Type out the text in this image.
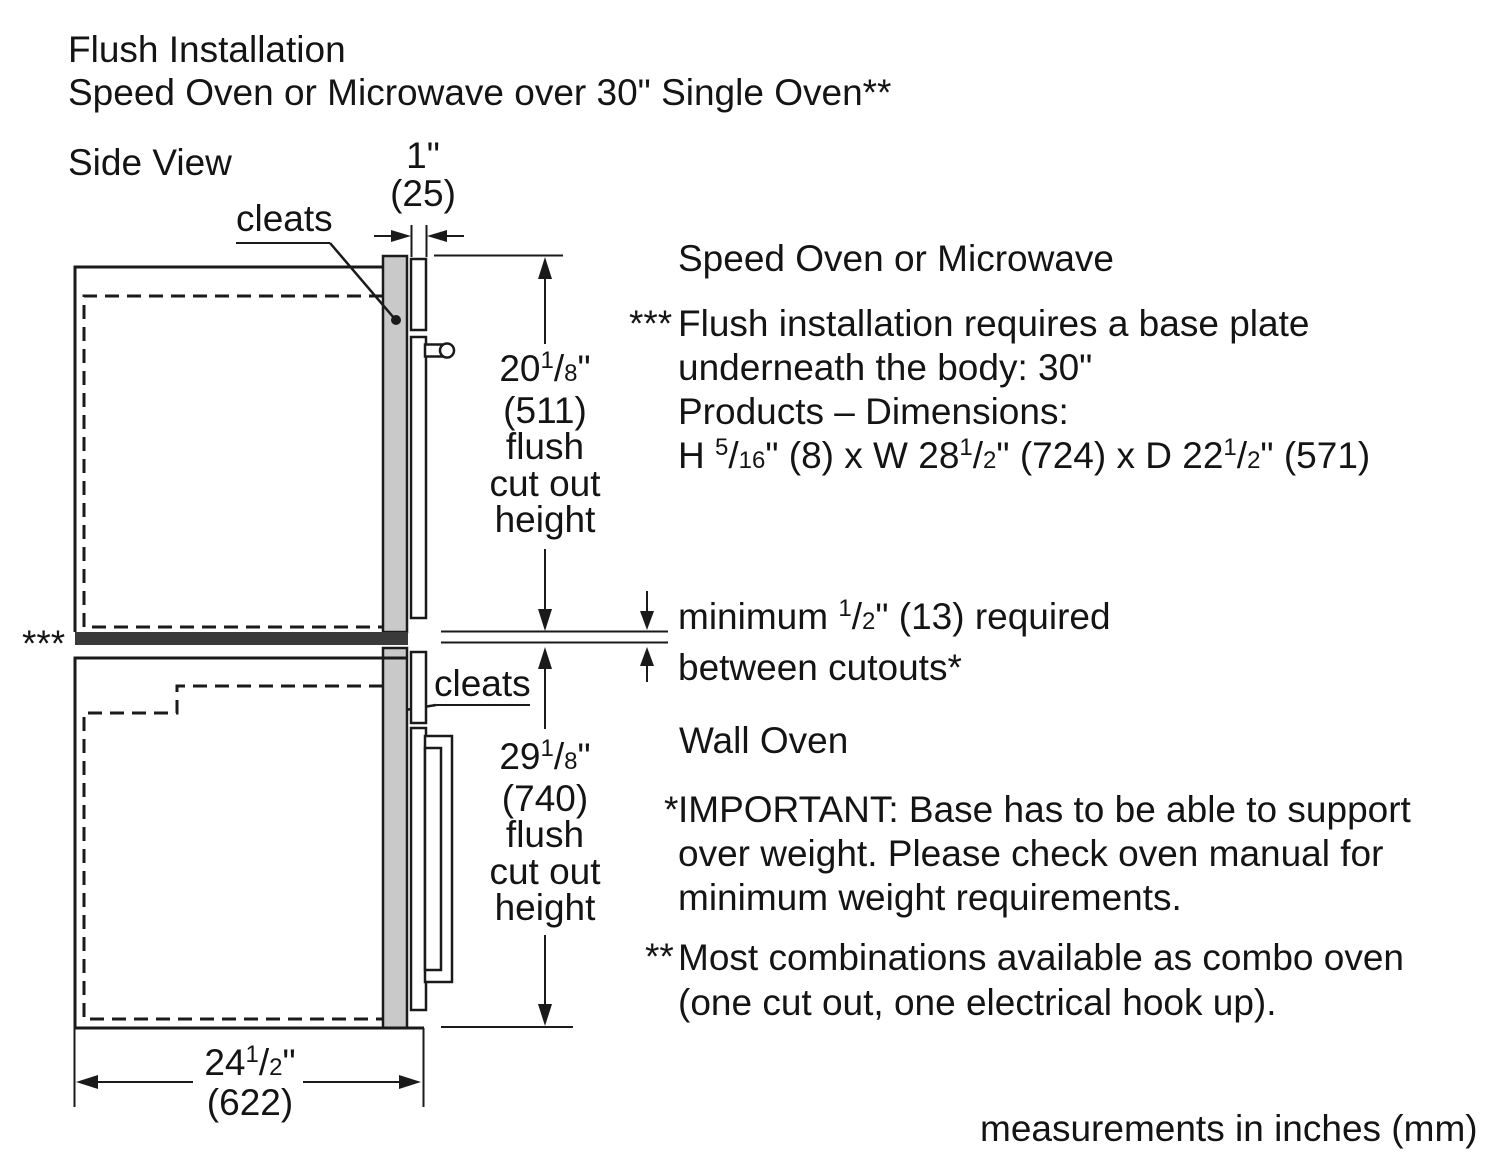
Flush Installation
Speed Oven or Microwave over 30" Single Oven**
Side View	1"
(25)
cleats
cleats
***
$20^1/8$"
(511)
flush
cut out
height
$29^1/8$"
(740)
flush
cut out
height
Speed Oven or Microwave
*** Flush installation requires a base plate
underneath the body: 30"
Products – Dimensions:
H $^5$/16" (8) x W $28^1/2$" (724) x D $22^1/2$" (571)
minimum $^1$/2" (13) required
between cutouts*
Wall Oven
* IMPORTANT: Base has to be able to support
over weight. Please check oven manual for
minimum weight requirements.
** Most combinations available as combo oven
(one cut out, one electrical hook up).
$24^1/2$"
(622)
measurements in inches (mm)
